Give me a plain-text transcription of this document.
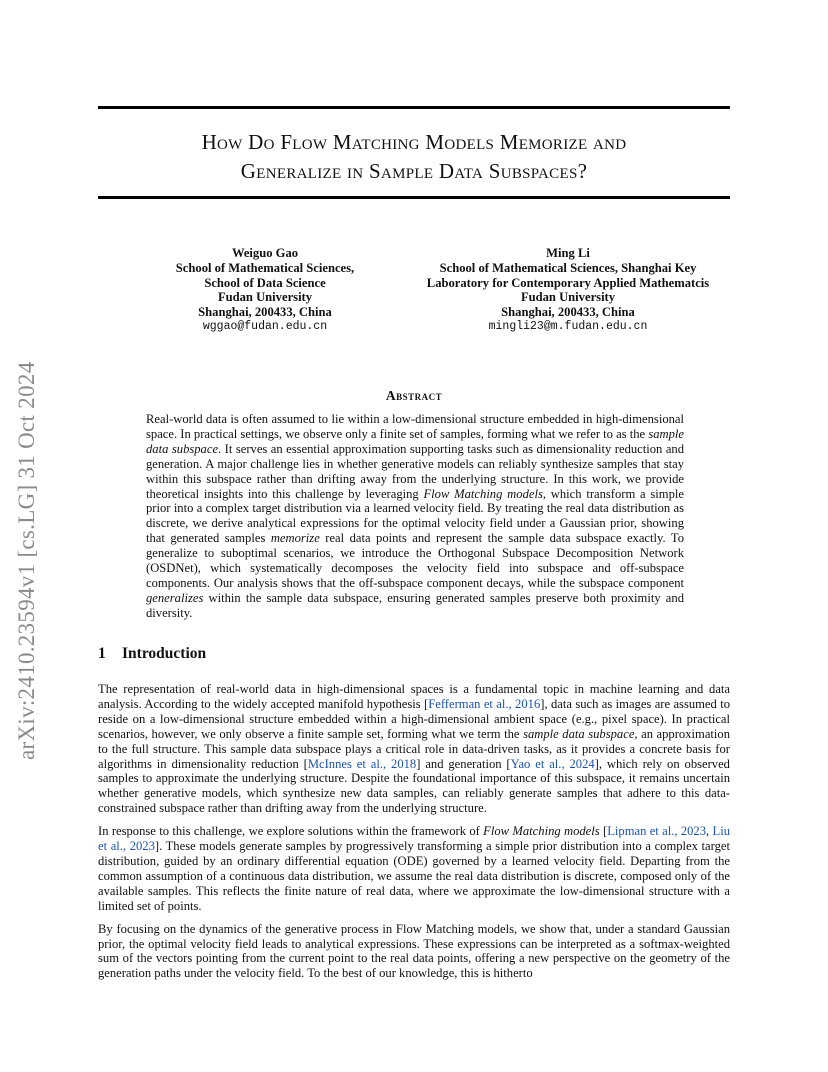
arXiv:2410.23594v1 [cs.LG] 31 Oct 2024
How Do Flow Matching Models Memorize and
Generalize in Sample Data Subspaces?
Weiguo Gao
School of Mathematical Sciences,
School of Data Science
Fudan University
Shanghai, 200433, China
wggao@fudan.edu.cn
Ming Li
School of Mathematical Sciences, Shanghai Key
Laboratory for Contemporary Applied Mathematcis
Fudan University
Shanghai, 200433, China
mingli23@m.fudan.edu.cn
Abstract
Real-world data is often assumed to lie within a low-dimensional structure embedded in high-dimensional space. In practical settings, we observe only a finite set of samples, forming what we refer to as the sample data subspace. It serves an essential approximation supporting tasks such as dimensionality reduction and generation. A major challenge lies in whether generative models can reliably synthesize samples that stay within this subspace rather than drifting away from the underlying structure. In this work, we provide theoretical insights into this challenge by leveraging Flow Matching models, which transform a simple prior into a complex target distribution via a learned velocity field. By treating the real data distribution as discrete, we derive analytical expressions for the optimal velocity field under a Gaussian prior, showing that generated samples memorize real data points and represent the sample data subspace exactly. To generalize to suboptimal scenarios, we introduce the Orthogonal Subspace Decomposition Network (OSDNet), which systematically decomposes the velocity field into subspace and off-subspace components. Our analysis shows that the off-subspace component decays, while the subspace component generalizes within the sample data subspace, ensuring generated samples preserve both proximity and diversity.
1 Introduction

The representation of real-world data in high-dimensional spaces is a fundamental topic in machine learning and data analysis. According to the widely accepted manifold hypothesis [Fefferman et al., 2016], data such as images are assumed to reside on a low-dimensional structure embedded within a high-dimensional ambient space (e.g., pixel space). In practical scenarios, however, we only observe a finite sample set, forming what we term the sample data subspace, an approximation to the full structure. This sample data subspace plays a critical role in data-driven tasks, as it provides a concrete basis for algorithms in dimensionality reduction [McInnes et al., 2018] and generation [Yao et al., 2024], which rely on observed samples to approximate the underlying structure. Despite the foundational importance of this subspace, it remains uncertain whether generative models, which synthesize new data samples, can reliably generate samples that adhere to this data-constrained subspace rather than drifting away from the underlying structure.

In response to this challenge, we explore solutions within the framework of Flow Matching models [Lipman et al., 2023, Liu et al., 2023]. These models generate samples by progressively transforming a simple prior distribution into a complex target distribution, guided by an ordinary differential equation (ODE) governed by a learned velocity field. Departing from the common assumption of a continuous data distribution, we assume the real data distribution is discrete, composed only of the available samples. This reflects the finite nature of real data, where we approximate the low-dimensional structure with a limited set of points.

By focusing on the dynamics of the generative process in Flow Matching models, we show that, under a standard Gaussian prior, the optimal velocity field leads to analytical expressions. These expressions can be interpreted as a softmax-weighted sum of the vectors pointing from the current point to the real data points, offering a new perspective on the geometry of the generation paths under the velocity field. To the best of our knowledge, this is hitherto
